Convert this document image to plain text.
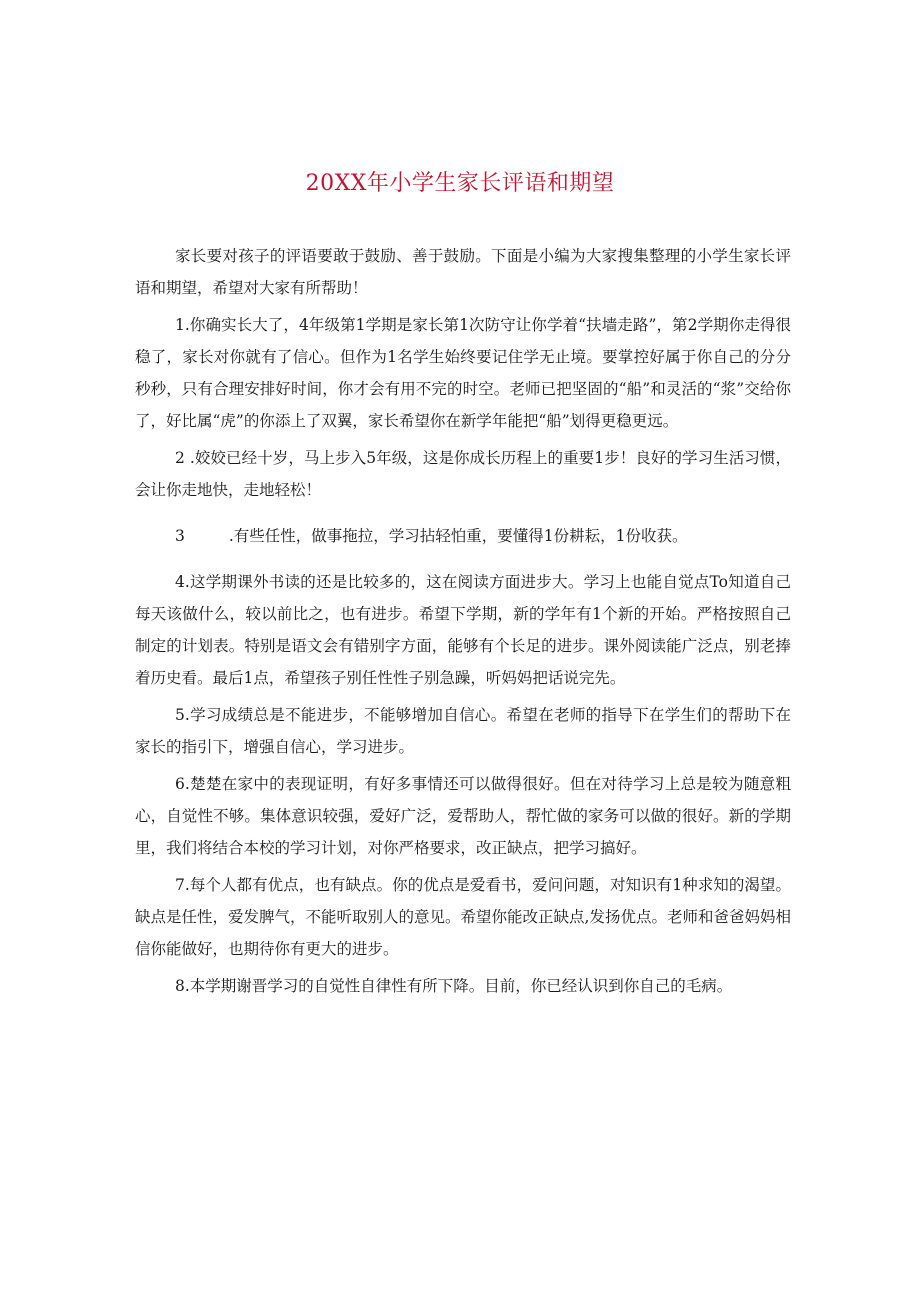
20XX年小学生家长评语和期望

家长要对孩子的评语要敢于鼓励、善于鼓励。下面是小编为大家搜集整理的小学生家长评语和期望，希望对大家有所帮助！

1.你确实长大了，4年级第1学期是家长第1次防守让你学着“扶墙走路”，第2学期你走得很稳了，家长对你就有了信心。但作为1名学生始终要记住学无止境。要掌控好属于你自己的分分秒秒，只有合理安排好时间，你才会有用不完的时空。老师已把坚固的“船”和灵活的“浆”交给你了，好比属“虎”的你添上了双翼，家长希望你在新学年能把“船”划得更稳更远。

2 .姣姣已经十岁，马上步入5年级，这是你成长历程上的重要1步！良好的学习生活习惯，会让你走地快，走地轻松！

3	.有些任性，做事拖拉，学习拈轻怕重，要懂得1份耕耘，1份收获。

4.这学期课外书读的还是比较多的，这在阅读方面进步大。学习上也能自觉点To知道自己每天该做什么，较以前比之，也有进步。希望下学期，新的学年有1个新的开始。严格按照自己制定的计划表。特别是语文会有错别字方面，能够有个长足的进步。课外阅读能广泛点，别老捧着历史看。最后1点，希望孩子别任性性子别急躁，听妈妈把话说完先。

5.学习成绩总是不能进步，不能够增加自信心。希望在老师的指导下在学生们的帮助下在家长的指引下，增强自信心，学习进步。

6.楚楚在家中的表现证明，有好多事情还可以做得很好。但在对待学习上总是较为随意粗心，自觉性不够。集体意识较强，爱好广泛，爱帮助人，帮忙做的家务可以做的很好。新的学期里，我们将结合本校的学习计划，对你严格要求，改正缺点，把学习搞好。

7.每个人都有优点，也有缺点。你的优点是爱看书，爱问问题，对知识有1种求知的渴望。缺点是任性，爱发脾气，不能听取别人的意见。希望你能改正缺点,发扬优点。老师和爸爸妈妈相信你能做好，也期待你有更大的进步。

8.本学期谢晋学习的自觉性自律性有所下降。目前，你已经认识到你自己的毛病。
